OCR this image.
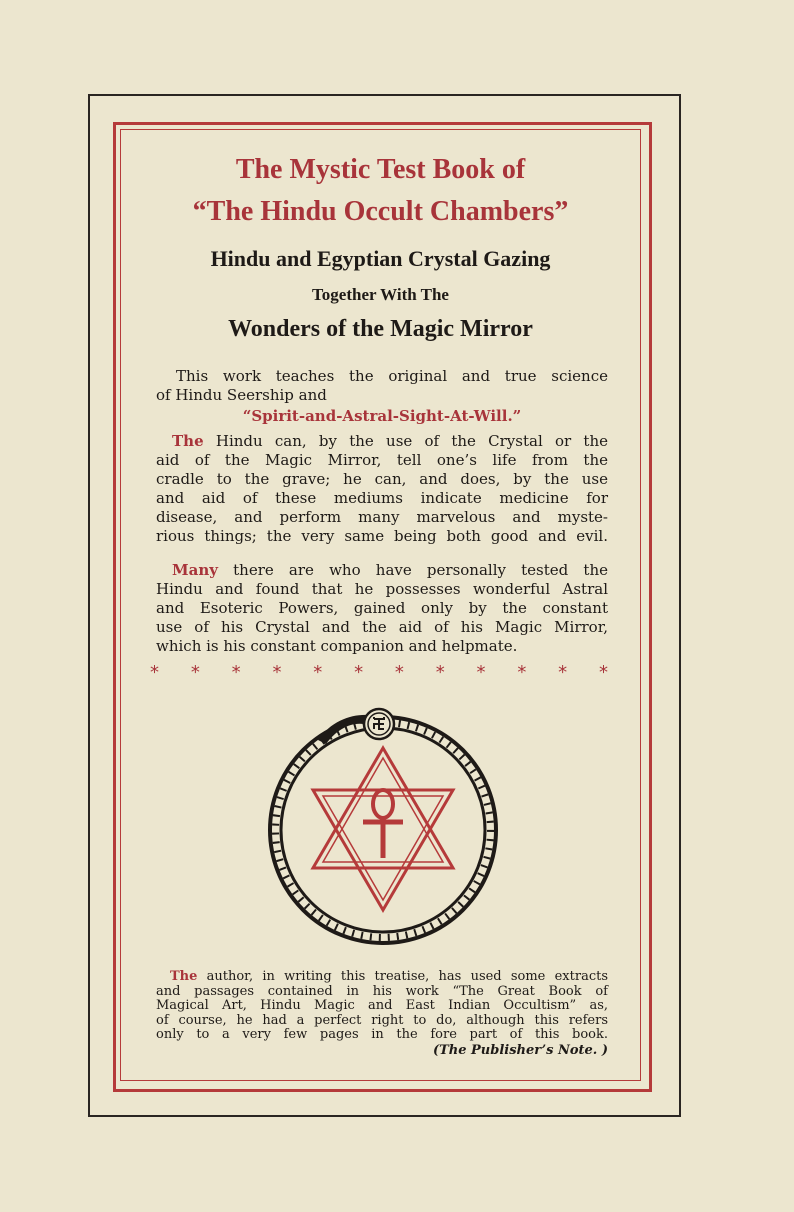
The Mystic Test Book of
“The Hindu Occult Chambers”
Hindu and Egyptian Crystal Gazing
Together With The
Wonders of the Magic Mirror
This work teaches the original and true science
of Hindu Seership and
“Spirit-and-Astral-Sight-At-Will.”
The Hindu can, by the use of the Crystal or the
aid of the Magic Mirror, tell one’s life from the
cradle to the grave; he can, and does, by the use
and aid of these mediums indicate medicine for
disease, and perform many marvelous and myste-
rious things; the very same being both good and evil.
Many there are who have personally tested the
Hindu and found that he possesses wonderful Astral
and Esoteric Powers, gained only by the constant
use of his Crystal and the aid of his Magic Mirror,
which is his constant companion and helpmate.
* * * * * * * * * * * *
The author, in writing this treatise, has used some extracts
and passages contained in his work “The Great Book of
Magical Art, Hindu Magic and East Indian Occultism” as,
of course, he had a perfect right to do, although this refers
only to a very few pages in the fore part of this book.
(The Publisher’s Note. )
